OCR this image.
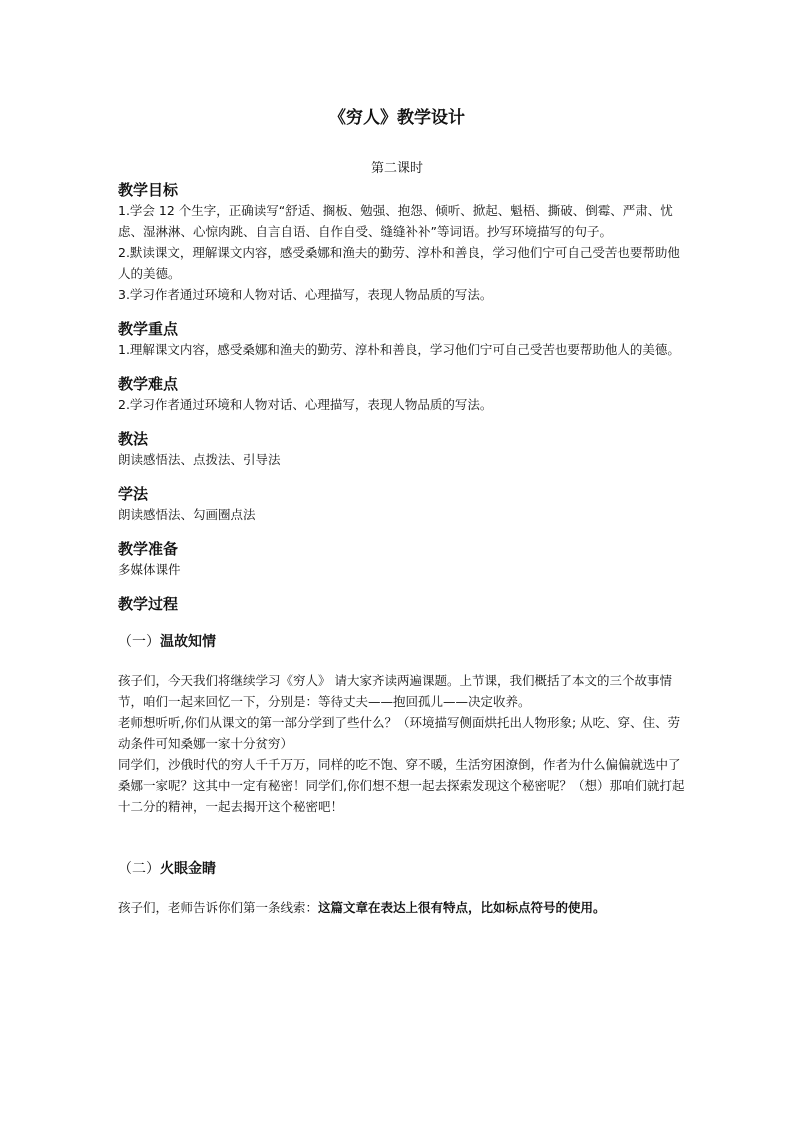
《穷人》教学设计
第二课时
教学目标

1.学会 12 个生字，正确读写“舒适、搁板、勉强、抱怨、倾听、掀起、魁梧、撕破、倒霉、严肃、忧虑、湿淋淋、心惊肉跳、自言自语、自作自受、缝缝补补”等词语。抄写环境描写的句子。

2.默读课文，理解课文内容，感受桑娜和渔夫的勤劳、淳朴和善良，学习他们宁可自己受苦也要帮助他人的美德。

3.学习作者通过环境和人物对话、心理描写，表现人物品质的写法。

教学重点

1.理解课文内容，感受桑娜和渔夫的勤劳、淳朴和善良，学习他们宁可自己受苦也要帮助他人的美德。

教学难点

2.学习作者通过环境和人物对话、心理描写，表现人物品质的写法。

教法

朗读感悟法、点拨法、引导法

学法

朗读感悟法、勾画圈点法

教学准备

多媒体课件

教学过程
（一）温故知情

孩子们，今天我们将继续学习《穷人》 请大家齐读两遍课题。上节课，我们概括了本文的三个故事情节，咱们一起来回忆一下，分别是：等待丈夫——抱回孤儿——决定收养。

老师想听听,你们从课文的第一部分学到了些什么？（环境描写侧面烘托出人物形象; 从吃、穿、住、劳动条件可知桑娜一家十分贫穷）

同学们，沙俄时代的穷人千千万万，同样的吃不饱、穿不暖，生活穷困潦倒，作者为什么偏偏就选中了桑娜一家呢？这其中一定有秘密！同学们,你们想不想一起去探索发现这个秘密呢？（想）那咱们就打起十二分的精神，一起去揭开这个秘密吧！

（二）火眼金睛

孩子们，老师告诉你们第一条线索：这篇文章在表达上很有特点，比如标点符号的使用。
